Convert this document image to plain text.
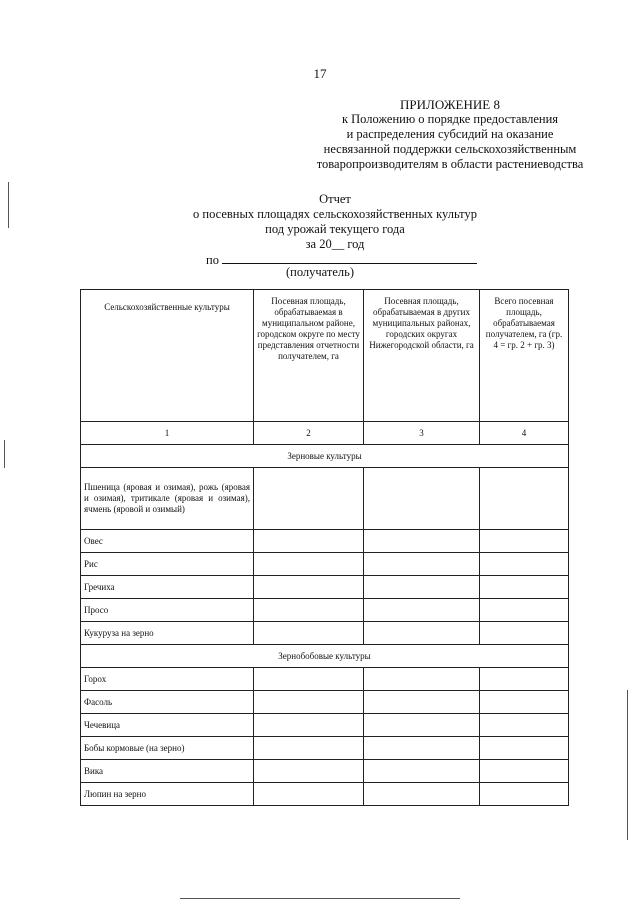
17
ПРИЛОЖЕНИЕ 8
к Положению о порядке предоставления
и распределения субсидий на оказание
несвязанной поддержки сельскохозяйственным
товаропроизводителям в области растениеводства
Отчет
о посевных площадях сельскохозяйственных культур
под урожай текущего года
за 20__ год
по
(получатель)
Сельскохозяйственные культуры	Посевная площадь, обрабатываемая в муниципальном районе, городском округе по месту представления отчетности получателем, га	Посевная площадь, обрабатываемая в других муниципальных районах, городских округах Нижегородской области, га	Всего посевная площадь, обрабатываемая получателем, га (гр. 4 = гр. 2 + гр. 3)
1	2	3	4
Зерновые культуры			
Пшеница (яровая и озимая), рожь (яровая и озимая), тритикале (яровая и озимая), ячмень (яровой и озимый)			
Овес			
Рис			
Гречиха			
Просо			
Кукуруза на зерно			
Зернобобовые культуры			
Горох			
Фасоль			
Чечевица			
Бобы кормовые (на зерно)			
Вика			
Люпин на зерно			
